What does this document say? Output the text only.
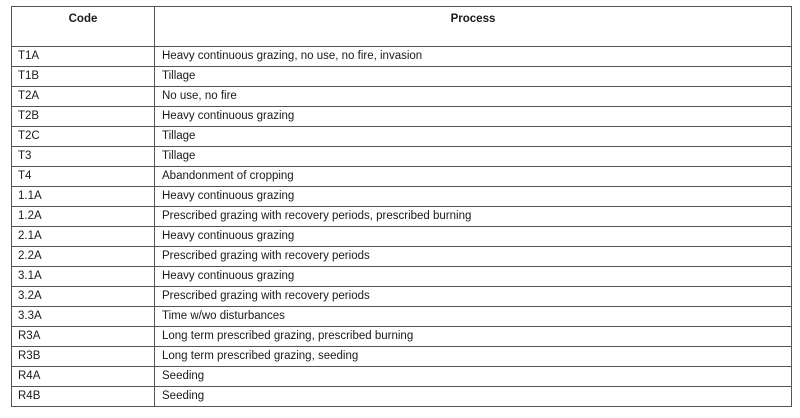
Code	Process
T1A	Heavy continuous grazing, no use, no fire, invasion
T1B	Tillage
T2A	No use, no fire
T2B	Heavy continuous grazing
T2C	Tillage
T3	Tillage
T4	Abandonment of cropping
1.1A	Heavy continuous grazing
1.2A	Prescribed grazing with recovery periods, prescribed burning
2.1A	Heavy continuous grazing
2.2A	Prescribed grazing with recovery periods
3.1A	Heavy continuous grazing
3.2A	Prescribed grazing with recovery periods
3.3A	Time w/wo disturbances
R3A	Long term prescribed grazing, prescribed burning
R3B	Long term prescribed grazing, seeding
R4A	Seeding
R4B	Seeding
